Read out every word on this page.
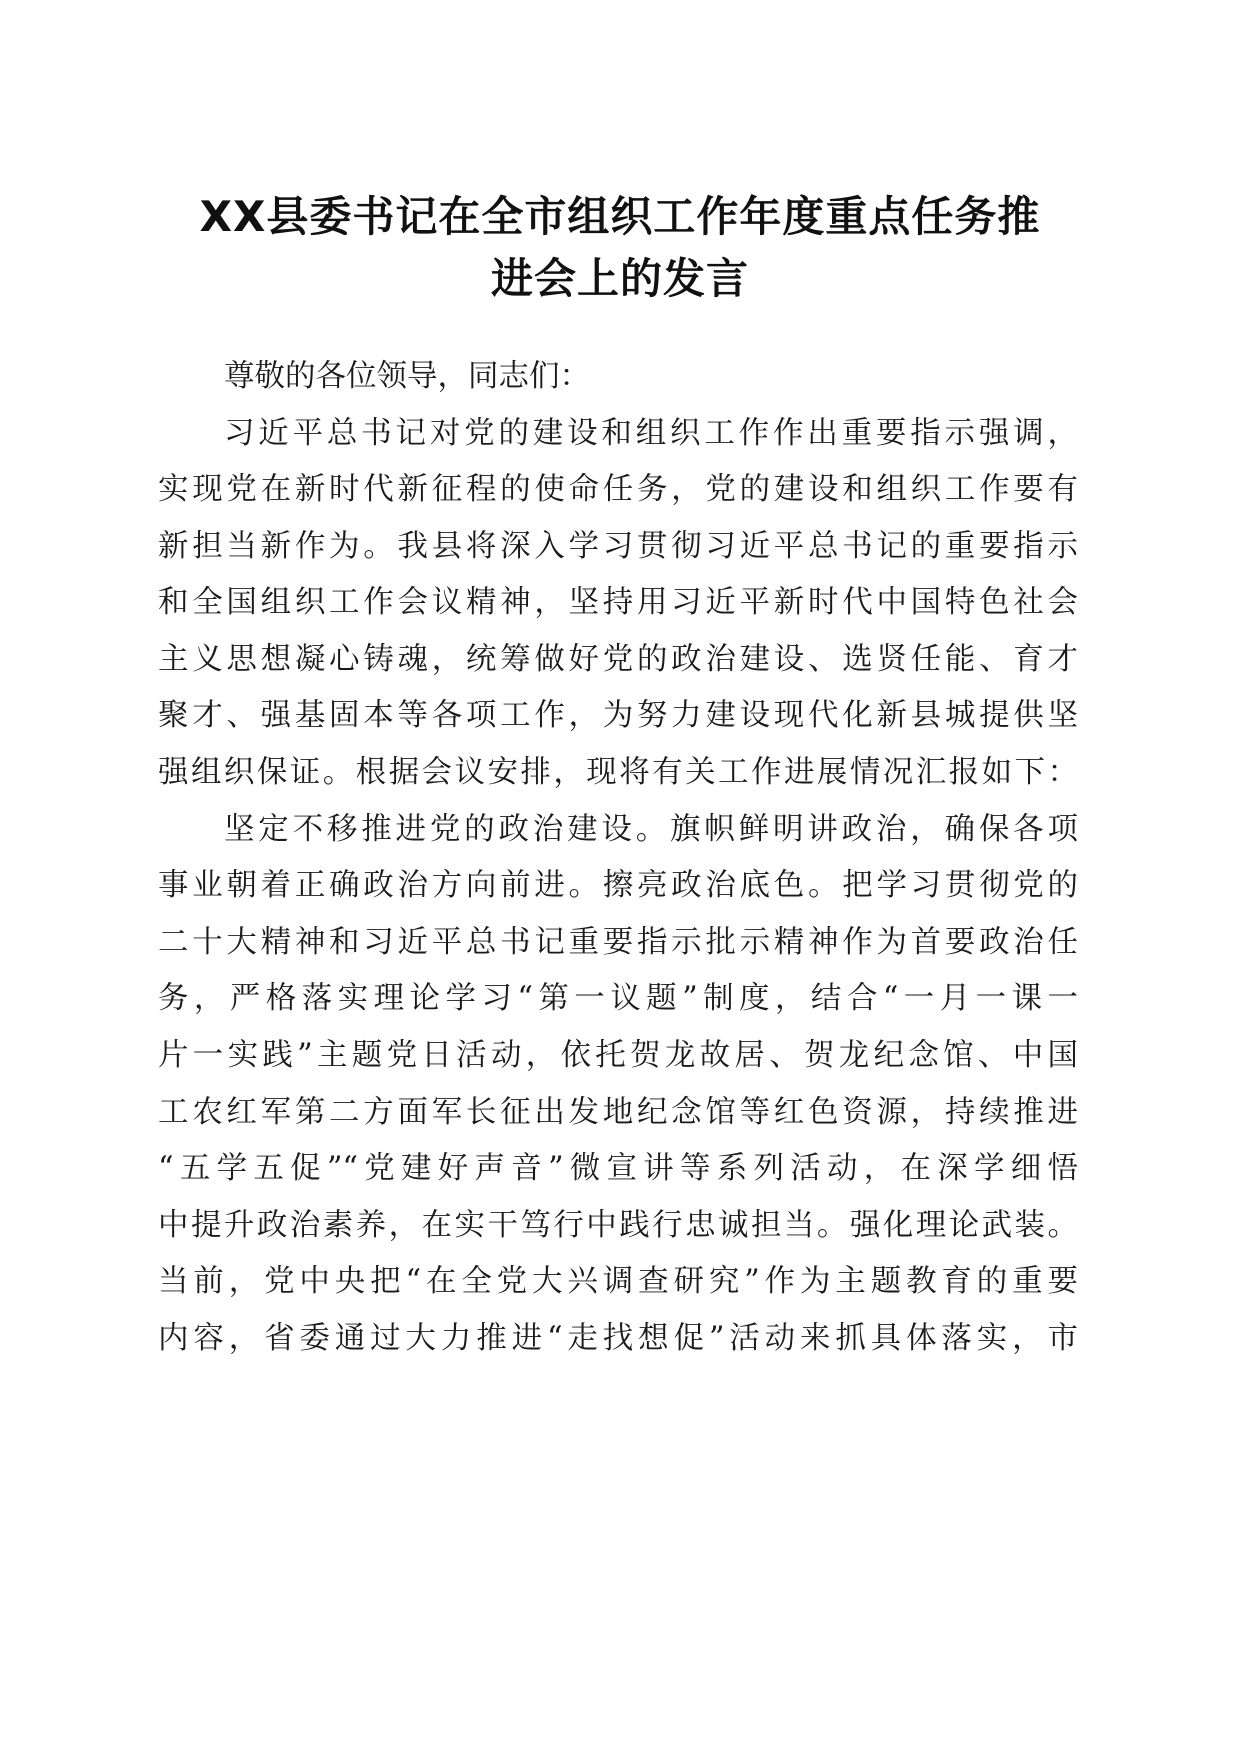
XX县委书记在全市组织工作年度重点任务推
进会上的发言

尊敬的各位领导，同志们：

习近平总书记对党的建设和组织工作作出重要指示强调，

实现党在新时代新征程的使命任务，党的建设和组织工作要有

新担当新作为。我县将深入学习贯彻习近平总书记的重要指示

和全国组织工作会议精神，坚持用习近平新时代中国特色社会

主义思想凝心铸魂，统筹做好党的政治建设、选贤任能、育才

聚才、强基固本等各项工作，为努力建设现代化新县城提供坚

强组织保证。根据会议安排，现将有关工作进展情况汇报如下：

坚定不移推进党的政治建设。旗帜鲜明讲政治，确保各项

事业朝着正确政治方向前进。擦亮政治底色。把学习贯彻党的

二十大精神和习近平总书记重要指示批示精神作为首要政治任

务，严格落实理论学习“第一议题”制度，结合“一月一课一

片一实践”主题党日活动，依托贺龙故居、贺龙纪念馆、中国

工农红军第二方面军长征出发地纪念馆等红色资源，持续推进

“五学五促”“党建好声音”微宣讲等系列活动，在深学细悟

中提升政治素养，在实干笃行中践行忠诚担当。强化理论武装。

当前，党中央把“在全党大兴调查研究”作为主题教育的重要

内容，省委通过大力推进“走找想促”活动来抓具体落实，市
